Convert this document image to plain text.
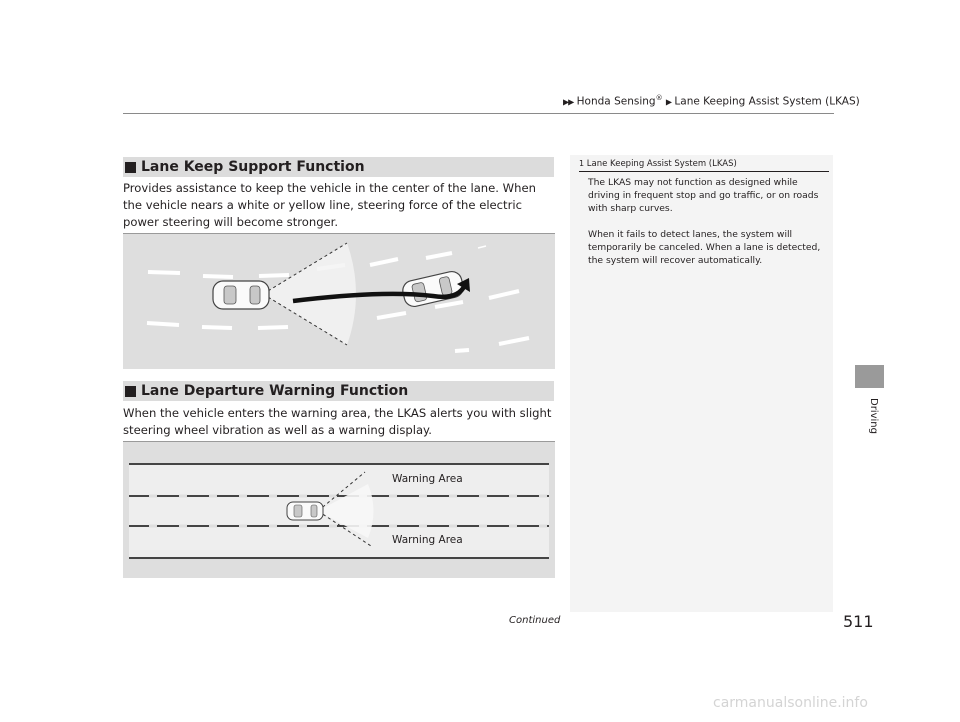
▶▶ Honda Sensing® ▶ Lane Keeping Assist System (LKAS)
Lane Keep Support Function
Provides assistance to keep the vehicle in the center of the lane. When the vehicle nears a white or yellow line, steering force of the electric power steering will become stronger.
Lane Departure Warning Function
When the vehicle enters the warning area, the LKAS alerts you with slight steering wheel vibration as well as a warning display.
Warning Area
Warning Area
1 Lane Keeping Assist System (LKAS)

The LKAS may not function as designed while driving in frequent stop and go traffic, or on roads with sharp curves.

When it fails to detect lanes, the system will temporarily be canceled. When a lane is detected, the system will recover automatically.

Driving
Continued	511
carmanualsonline.info
